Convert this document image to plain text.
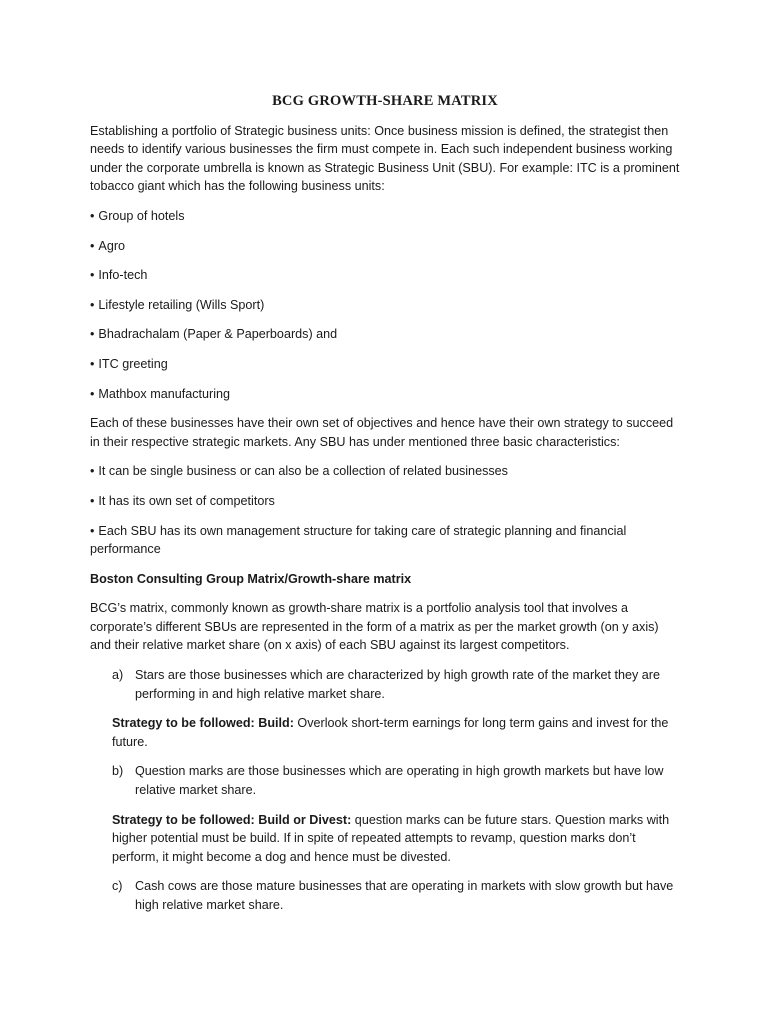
BCG GROWTH-SHARE MATRIX

Establishing a portfolio of Strategic business units: Once business mission is defined, the strategist then needs to identify various businesses the firm must compete in. Each such independent business working under the corporate umbrella is known as Strategic Business Unit (SBU). For example: ITC is a prominent tobacco giant which has the following business units:

• Group of hotels
• Agro
• Info-tech
• Lifestyle retailing (Wills Sport)
• Bhadrachalam (Paper & Paperboards) and
• ITC greeting
• Mathbox manufacturing

Each of these businesses have their own set of objectives and hence have their own strategy to succeed in their respective strategic markets. Any SBU has under mentioned three basic characteristics:

• It can be single business or can also be a collection of related businesses
• It has its own set of competitors
• Each SBU has its own management structure for taking care of strategic planning and financial performance
Boston Consulting Group Matrix/Growth-share matrix

BCG’s matrix, commonly known as growth-share matrix is a portfolio analysis tool that involves a corporate’s different SBUs are represented in the form of a matrix as per the market growth (on y axis) and their relative market share (on x axis) of each SBU against its largest competitors.

a) Stars are those businesses which are characterized by high growth rate of the market they are performing in and high relative market share.
Strategy to be followed: Build: Overlook short-term earnings for long term gains and invest for the future.
b) Question marks are those businesses which are operating in high growth markets but have low relative market share.
Strategy to be followed: Build or Divest: question marks can be future stars. Question marks with higher potential must be build. If in spite of repeated attempts to revamp, question marks don’t perform, it might become a dog and hence must be divested.
c) Cash cows are those mature businesses that are operating in markets with slow growth but have high relative market share.
